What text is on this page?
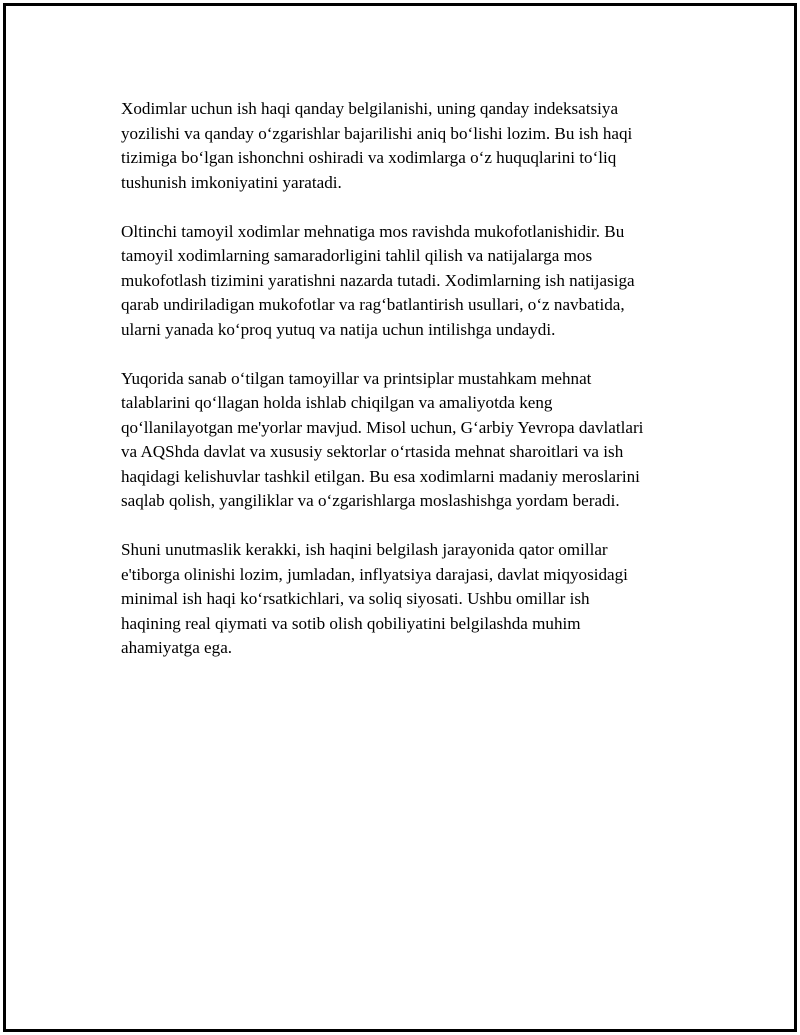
Xodimlar uchun ish haqi qanday belgilanishi, uning qanday indeksatsiya
yozilishi va qanday o‘zgarishlar bajarilishi aniq bo‘lishi lozim. Bu ish haqi
tizimiga bo‘lgan ishonchni oshiradi va xodimlarga o‘z huquqlarini to‘liq
tushunish imkoniyatini yaratadi.

Oltinchi tamoyil xodimlar mehnatiga mos ravishda mukofotlanishidir. Bu
tamoyil xodimlarning samaradorligini tahlil qilish va natijalarga mos
mukofotlash tizimini yaratishni nazarda tutadi. Xodimlarning ish natijasiga
qarab undiriladigan mukofotlar va rag‘batlantirish usullari, o‘z navbatida,
ularni yanada ko‘proq yutuq va natija uchun intilishga undaydi.

Yuqorida sanab o‘tilgan tamoyillar va printsiplar mustahkam mehnat
talablarini qo‘llagan holda ishlab chiqilgan va amaliyotda keng
qo‘llanilayotgan me'yorlar mavjud. Misol uchun, G‘arbiy Yevropa davlatlari
va AQShda davlat va xususiy sektorlar o‘rtasida mehnat sharoitlari va ish
haqidagi kelishuvlar tashkil etilgan. Bu esa xodimlarni madaniy meroslarini
saqlab qolish, yangiliklar va o‘zgarishlarga moslashishga yordam beradi.

Shuni unutmaslik kerakki, ish haqini belgilash jarayonida qator omillar
e'tiborga olinishi lozim, jumladan, inflyatsiya darajasi, davlat miqyosidagi
minimal ish haqi ko‘rsatkichlari, va soliq siyosati. Ushbu omillar ish
haqining real qiymati va sotib olish qobiliyatini belgilashda muhim
ahamiyatga ega.
